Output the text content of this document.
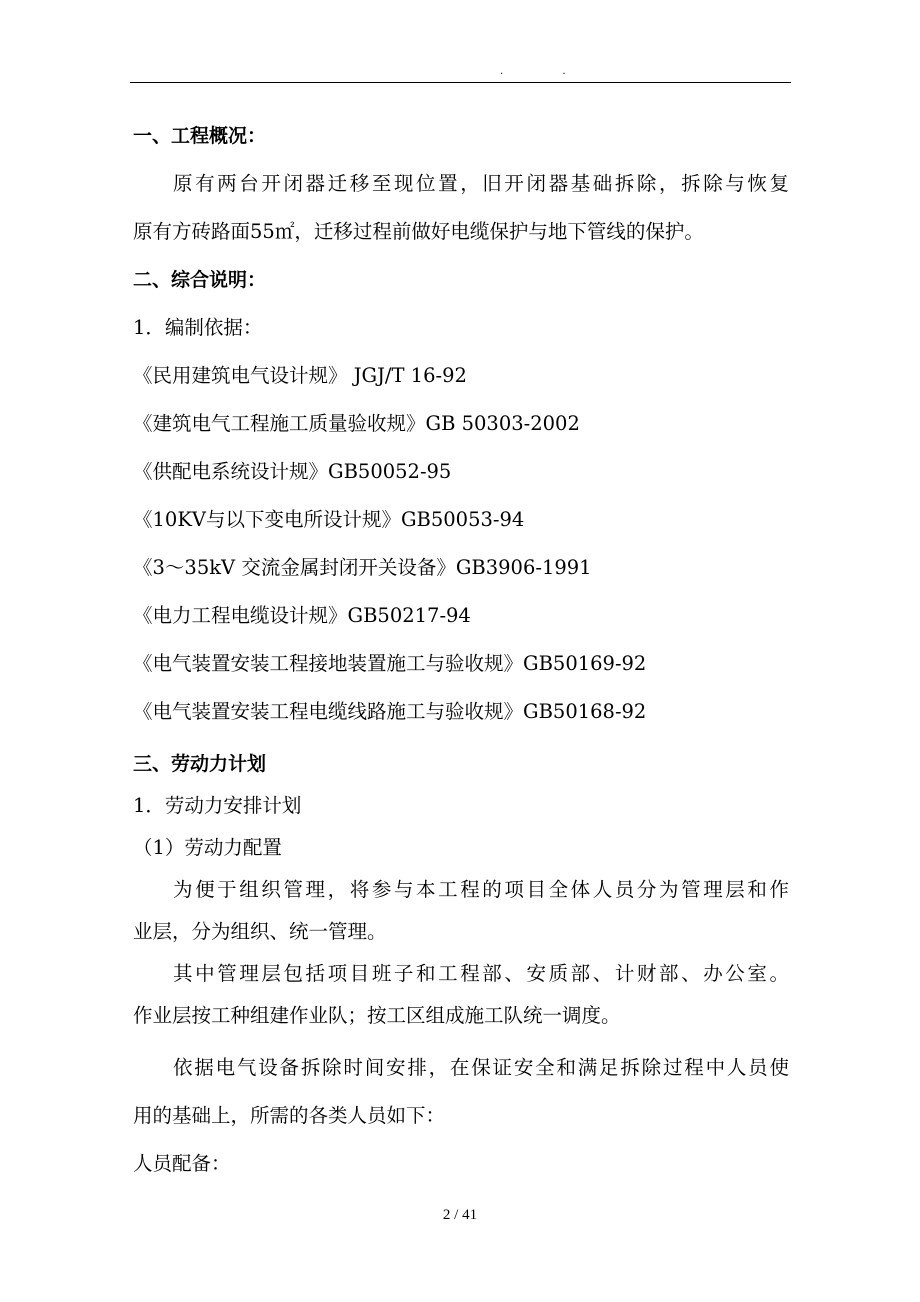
. .
一、工程概况：
原有两台开闭器迁移至现位置，旧开闭器基础拆除，拆除与恢复
原有方砖路面55㎡，迁移过程前做好电缆保护与地下管线的保护。
二、综合说明：
1．编制依据：
《民用建筑电气设计规》 JGJ/T 16-92
《建筑电气工程施工质量验收规》GB 50303-2002
《供配电系统设计规》GB50052-95
《10KV与以下变电所设计规》GB50053-94
《3～35kV 交流金属封闭开关设备》GB3906-1991
《电力工程电缆设计规》GB50217-94
《电气装置安装工程接地装置施工与验收规》GB50169-92
《电气装置安装工程电缆线路施工与验收规》GB50168-92
三、劳动力计划
1．劳动力安排计划
（1）劳动力配置
为便于组织管理，将参与本工程的项目全体人员分为管理层和作
业层，分为组织、统一管理。
其中管理层包括项目班子和工程部、安质部、计财部、办公室。
作业层按工种组建作业队；按工区组成施工队统一调度。
依据电气设备拆除时间安排，在保证安全和满足拆除过程中人员使
用的基础上，所需的各类人员如下：
人员配备：
2 / 41
